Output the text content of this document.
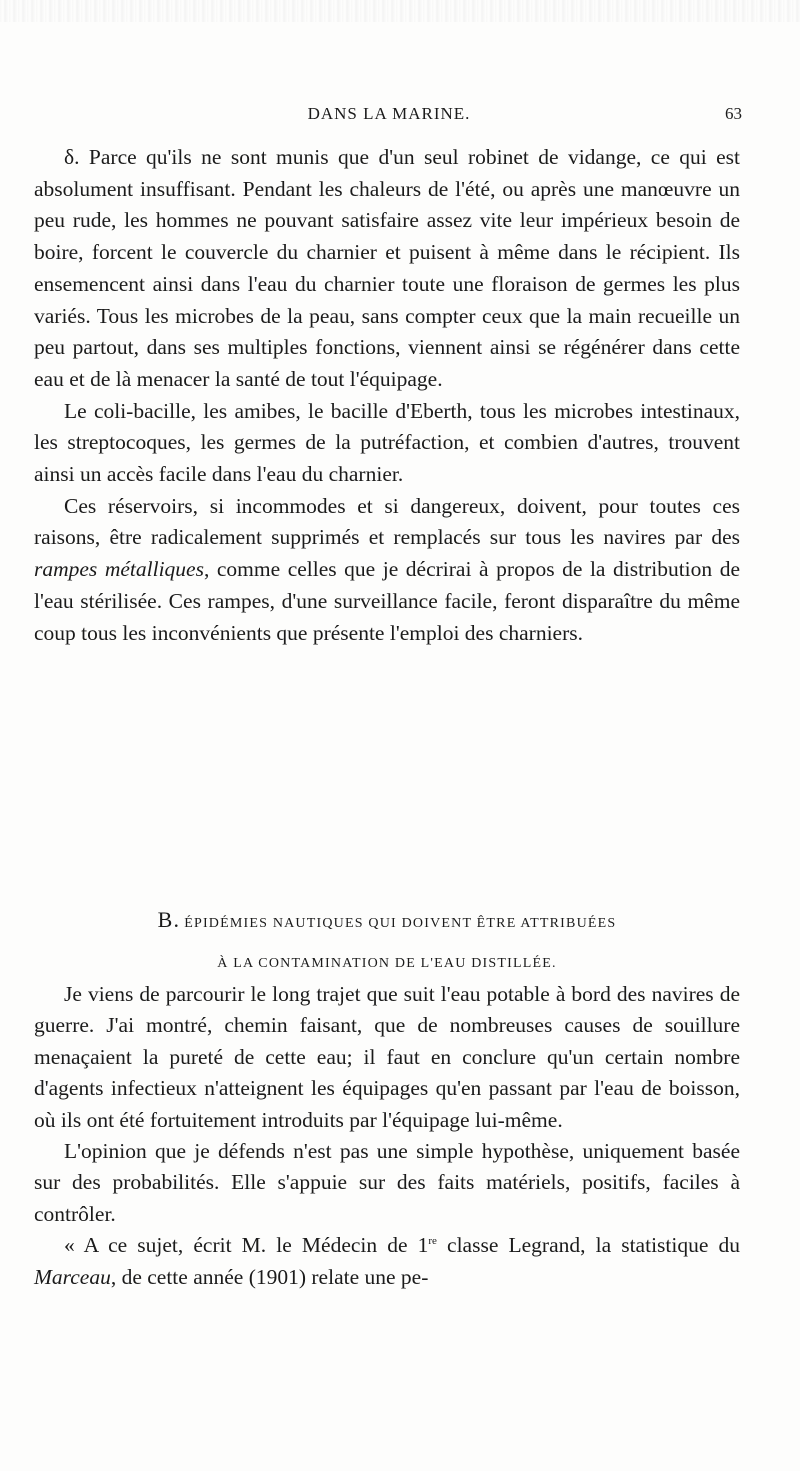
DANS LA MARINE.	63

δ. Parce qu'ils ne sont munis que d'un seul robinet de vidange, ce qui est absolument insuffisant. Pendant les chaleurs de l'été, ou après une manœuvre un peu rude, les hommes ne pouvant satisfaire assez vite leur impérieux besoin de boire, forcent le couvercle du charnier et puisent à même dans le récipient. Ils ensemencent ainsi dans l'eau du charnier toute une floraison de germes les plus variés. Tous les microbes de la peau, sans compter ceux que la main recueille un peu partout, dans ses multiples fonctions, viennent ainsi se régénérer dans cette eau et de là menacer la santé de tout l'équipage.

Le coli-bacille, les amibes, le bacille d'Eberth, tous les microbes intestinaux, les streptocoques, les germes de la putréfaction, et combien d'autres, trouvent ainsi un accès facile dans l'eau du charnier.

Ces réservoirs, si incommodes et si dangereux, doivent, pour toutes ces raisons, être radicalement supprimés et remplacés sur tous les navires par des rampes métalliques, comme celles que je décrirai à propos de la distribution de l'eau stérilisée. Ces rampes, d'une surveillance facile, feront disparaître du même coup tous les inconvénients que présente l'emploi des charniers.

B. ÉPIDÉMIES NAUTIQUES QUI DOIVENT ÊTRE ATTRIBUÉES
À LA CONTAMINATION DE L'EAU DISTILLÉE.

Je viens de parcourir le long trajet que suit l'eau potable à bord des navires de guerre. J'ai montré, chemin faisant, que de nombreuses causes de souillure menaçaient la pureté de cette eau; il faut en conclure qu'un certain nombre d'agents infectieux n'atteignent les équipages qu'en passant par l'eau de boisson, où ils ont été fortuitement introduits par l'équipage lui-même.

L'opinion que je défends n'est pas une simple hypothèse, uniquement basée sur des probabilités. Elle s'appuie sur des faits matériels, positifs, faciles à contrôler.

« A ce sujet, écrit M. le Médecin de 1re classe Legrand, la statistique du Marceau, de cette année (1901) relate une pe-
